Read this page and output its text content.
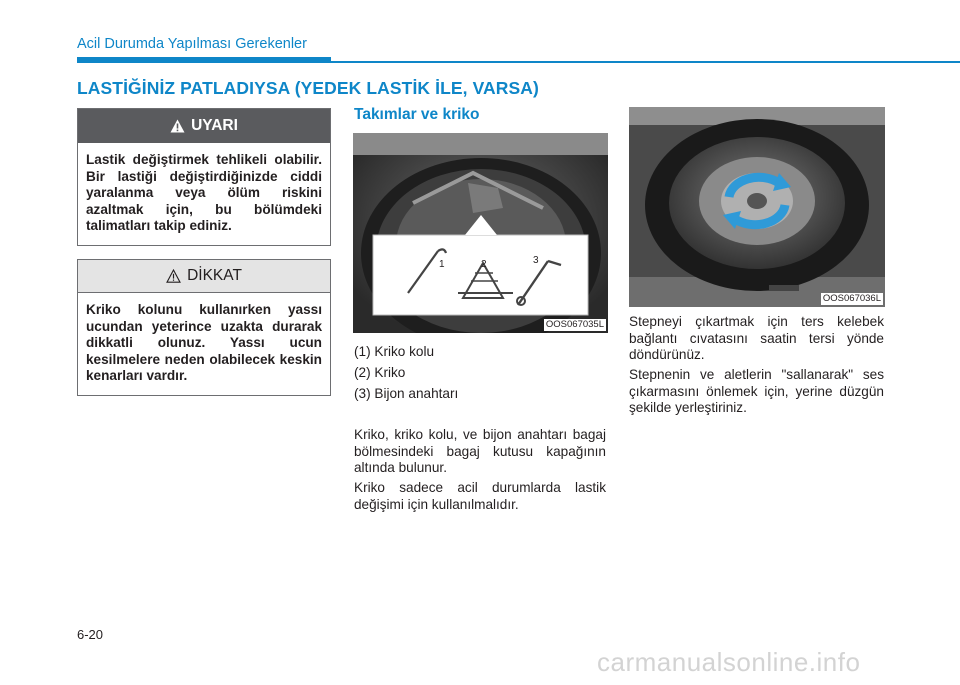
Acil Durumda Yapılması Gerekenler
LASTİĞİNİZ PATLADIYSA (YEDEK LASTİK İLE, VARSA)
UYARI
Lastik değiştirmek tehlikeli olabilir. Bir lastiği değiştirdiğinizde ciddi yaralanma veya ölüm riskini azaltmak için, bu bölümdeki talimatları takip ediniz.
DİKKAT
Kriko kolunu kullanırken yassı ucundan yeterince uzakta durarak dikkatli olunuz. Yassı ucun kesilmelere neden olabilecek keskin kenarları vardır.
Takımlar ve kriko
1	2	3
OOS067035L
(1) Kriko kolu
(2) Kriko
(3) Bijon anahtarı
Kriko, kriko kolu, ve bijon anahtarı bagaj bölmesindeki bagaj kutusu kapağının altında bulunur.
Kriko sadece acil durumlarda lastik değişimi için kullanılmalıdır.
OOS067036L
Stepneyi çıkartmak için ters kelebek bağlantı cıvatasını saatin tersi yönde döndürünüz.
Stepnenin ve aletlerin "sallanarak" ses çıkarmasını önlemek için, yerine düzgün şekilde yerleştiriniz.
6-20
carmanualsonline.info
